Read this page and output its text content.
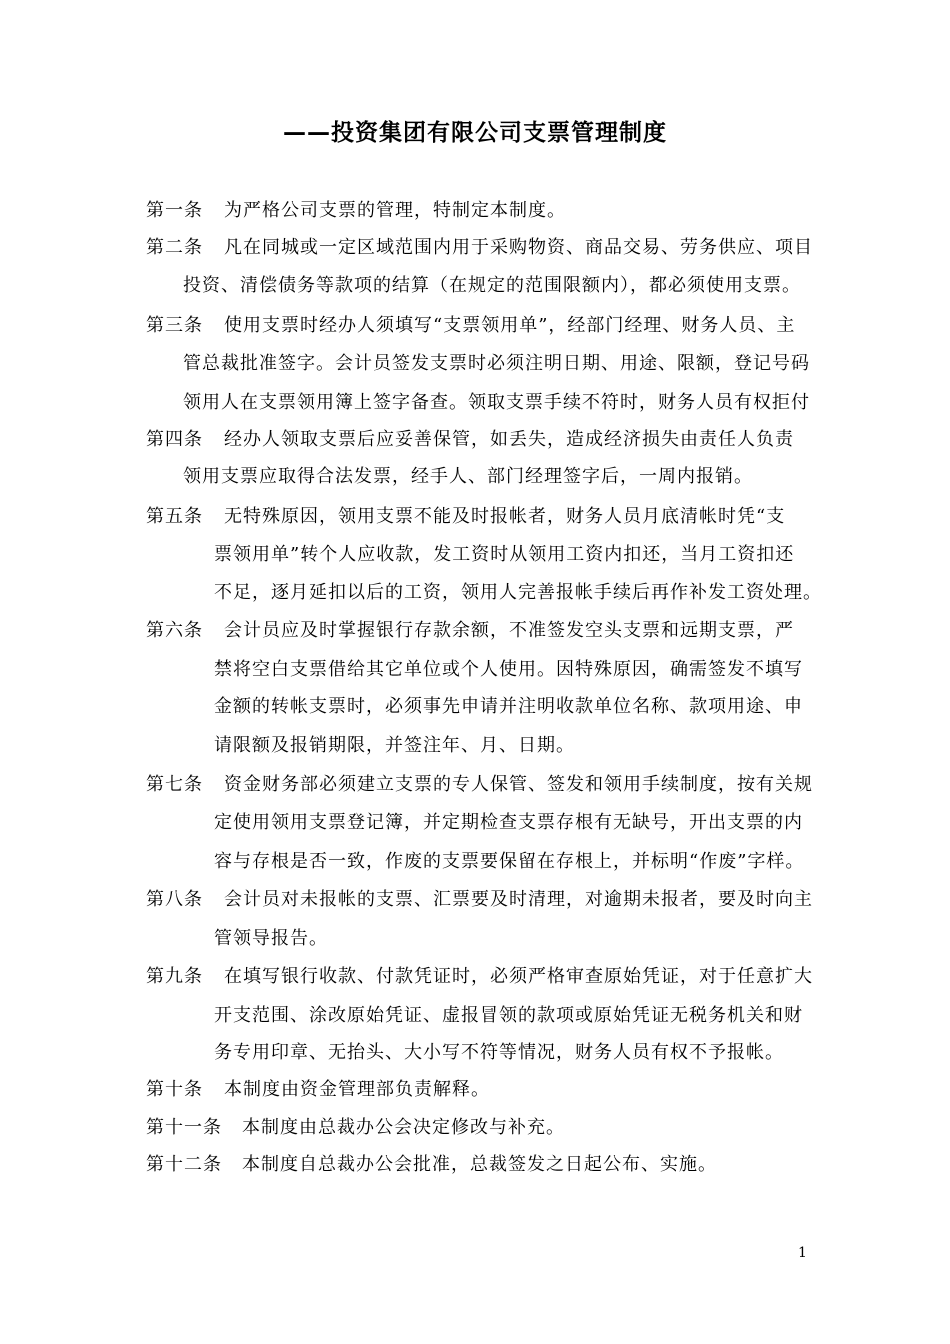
——投资集团有限公司支票管理制度
第一条 为严格公司支票的管理，特制定本制度。
第二条 凡在同城或一定区域范围内用于采购物资、商品交易、劳务供应、项目
投资、清偿债务等款项的结算（在规定的范围限额内），都必须使用支票。
第三条 使用支票时经办人须填写“支票领用单”，经部门经理、财务人员、主
管总裁批准签字。会计员签发支票时必须注明日期、用途、限额，登记号码
领用人在支票领用簿上签字备查。领取支票手续不符时，财务人员有权拒付
第四条 经办人领取支票后应妥善保管，如丢失，造成经济损失由责任人负责
领用支票应取得合法发票，经手人、部门经理签字后，一周内报销。
第五条 无特殊原因，领用支票不能及时报帐者，财务人员月底清帐时凭“支
票领用单”转个人应收款，发工资时从领用工资内扣还，当月工资扣还
不足，逐月延扣以后的工资，领用人完善报帐手续后再作补发工资处理。
第六条 会计员应及时掌握银行存款余额，不准签发空头支票和远期支票，严
禁将空白支票借给其它单位或个人使用。因特殊原因，确需签发不填写
金额的转帐支票时，必须事先申请并注明收款单位名称、款项用途、申
请限额及报销期限，并签注年、月、日期。
第七条 资金财务部必须建立支票的专人保管、签发和领用手续制度，按有关规
定使用领用支票登记簿，并定期检查支票存根有无缺号，开出支票的内
容与存根是否一致，作废的支票要保留在存根上，并标明“作废”字样。
第八条 会计员对未报帐的支票、汇票要及时清理，对逾期未报者，要及时向主
管领导报告。
第九条 在填写银行收款、付款凭证时，必须严格审查原始凭证，对于任意扩大
开支范围、涂改原始凭证、虚报冒领的款项或原始凭证无税务机关和财
务专用印章、无抬头、大小写不符等情况，财务人员有权不予报帐。
第十条 本制度由资金管理部负责解释。
第十一条 本制度由总裁办公会决定修改与补充。
第十二条 本制度自总裁办公会批准，总裁签发之日起公布、实施。
1
